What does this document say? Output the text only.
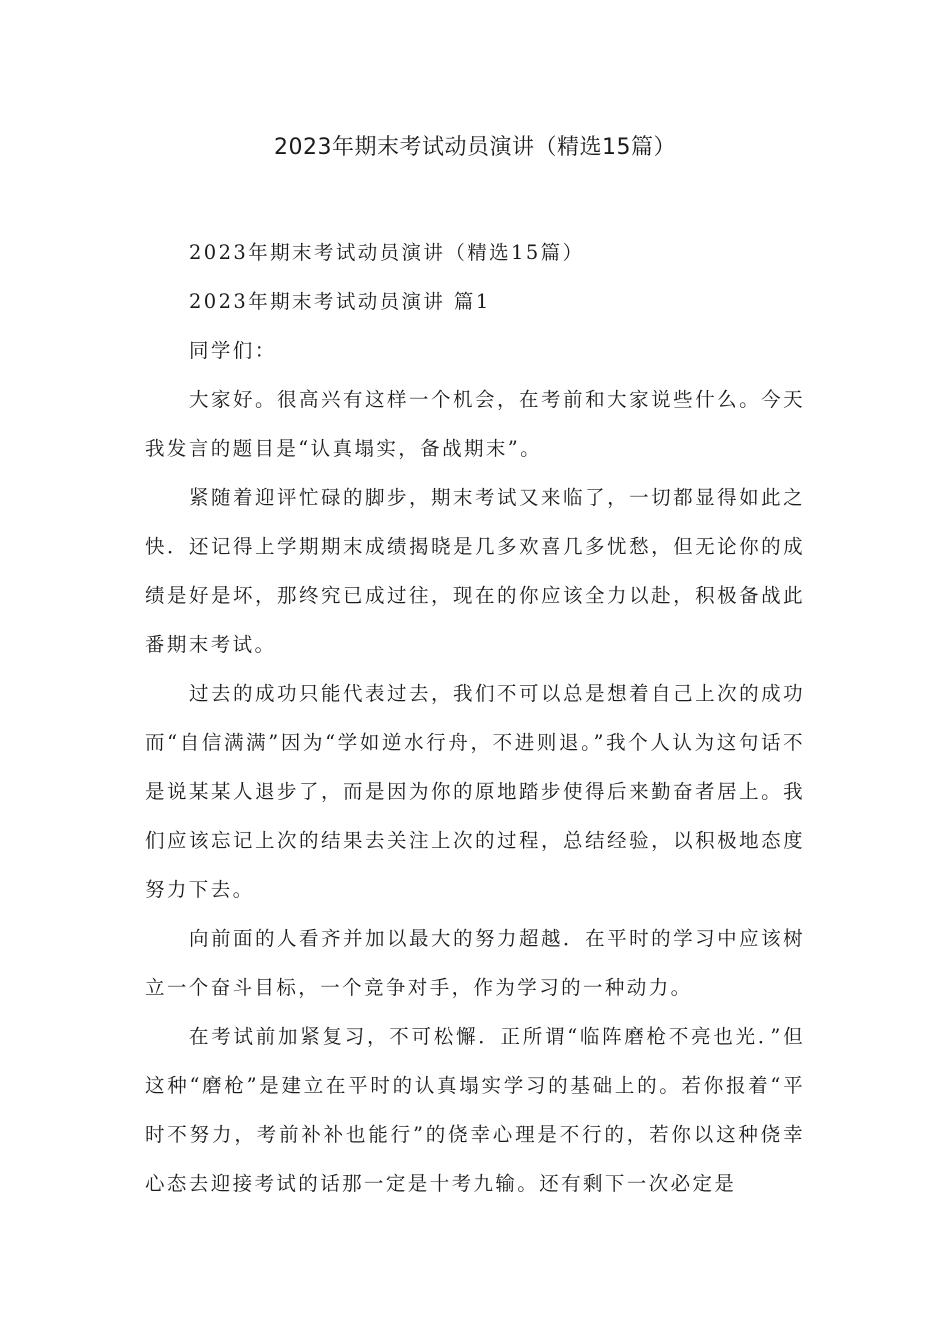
2023年期末考试动员演讲（精选15篇）

2023年期末考试动员演讲（精选15篇）

2023年期末考试动员演讲 篇1

同学们：

大家好。很高兴有这样一个机会，在考前和大家说些什么。今天我发言的题目是“认真塌实，备战期末”。

紧随着迎评忙碌的脚步，期末考试又来临了，一切都显得如此之快．还记得上学期期末成绩揭晓是几多欢喜几多忧愁，但无论你的成绩是好是坏，那终究已成过往，现在的你应该全力以赴，积极备战此番期末考试。

过去的成功只能代表过去，我们不可以总是想着自己上次的成功而“自信满满”因为“学如逆水行舟，不进则退。”我个人认为这句话不是说某某人退步了，而是因为你的原地踏步使得后来勤奋者居上。我们应该忘记上次的结果去关注上次的过程，总结经验，以积极地态度努力下去。

向前面的人看齐并加以最大的努力超越．在平时的学习中应该树立一个奋斗目标，一个竞争对手，作为学习的一种动力。

在考试前加紧复习，不可松懈．正所谓“临阵磨枪不亮也光．”但这种“磨枪”是建立在平时的认真塌实学习的基础上的。若你报着“平时不努力，考前补补也能行”的侥幸心理是不行的，若你以这种侥幸心态去迎接考试的话那一定是十考九输。还有剩下一次必定是
